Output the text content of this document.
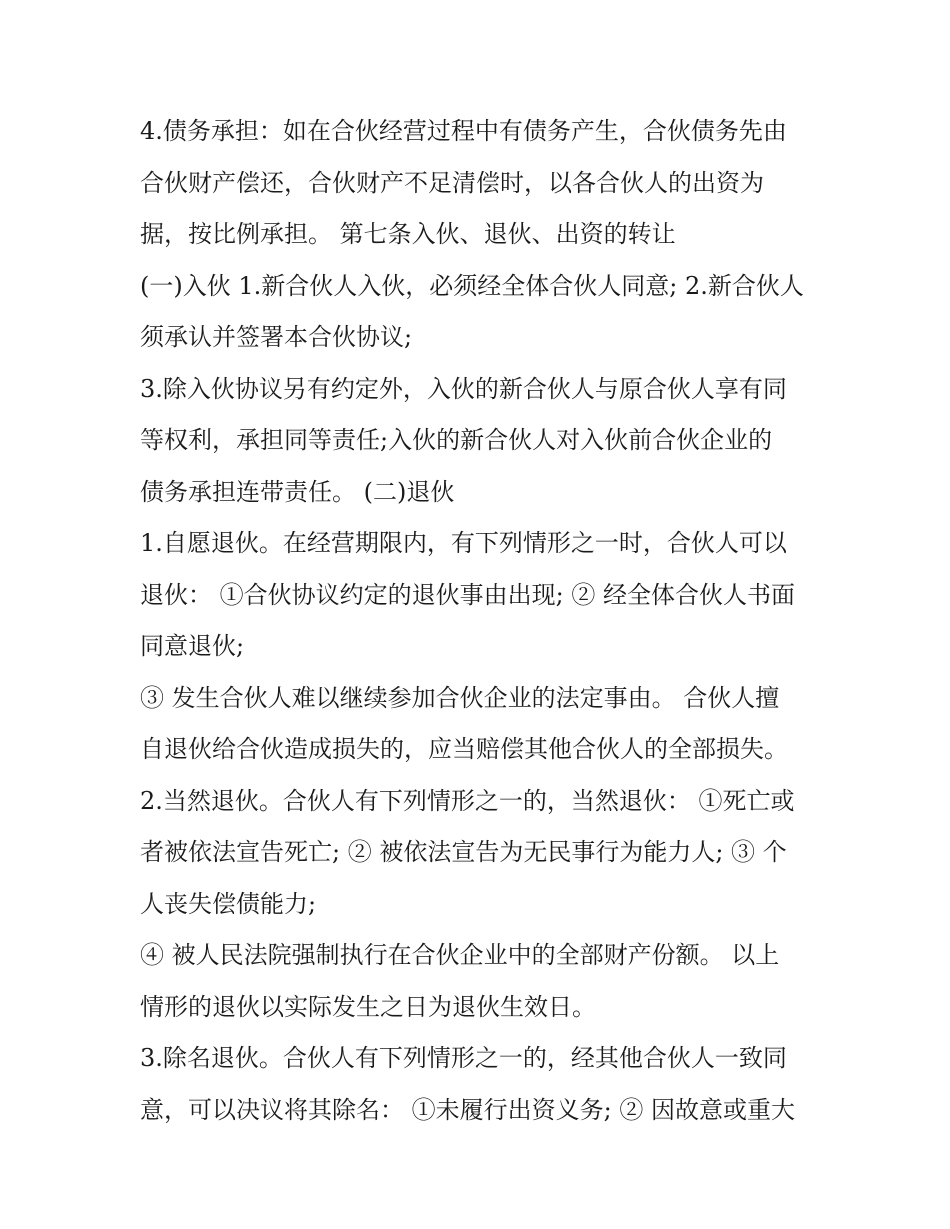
4.债务承担：如在合伙经营过程中有债务产生，合伙债务先由
合伙财产偿还，合伙财产不足清偿时，以各合伙人的出资为
据，按比例承担。 第七条入伙、退伙、出资的转让
(一)入伙 1.新合伙人入伙，必须经全体合伙人同意; 2.新合伙人
须承认并签署本合伙协议;
3.除入伙协议另有约定外，入伙的新合伙人与原合伙人享有同
等权利，承担同等责任;入伙的新合伙人对入伙前合伙企业的
债务承担连带责任。 (二)退伙
1.自愿退伙。在经营期限内，有下列情形之一时，合伙人可以
退伙： ①合伙协议约定的退伙事由出现; ② 经全体合伙人书面
同意退伙;
③ 发生合伙人难以继续参加合伙企业的法定事由。 合伙人擅
自退伙给合伙造成损失的，应当赔偿其他合伙人的全部损失。
2.当然退伙。合伙人有下列情形之一的，当然退伙： ①死亡或
者被依法宣告死亡; ② 被依法宣告为无民事行为能力人; ③ 个
人丧失偿债能力;
④ 被人民法院强制执行在合伙企业中的全部财产份额。 以上
情形的退伙以实际发生之日为退伙生效日。
3.除名退伙。合伙人有下列情形之一的，经其他合伙人一致同
意，可以决议将其除名： ①未履行出资义务; ② 因故意或重大
